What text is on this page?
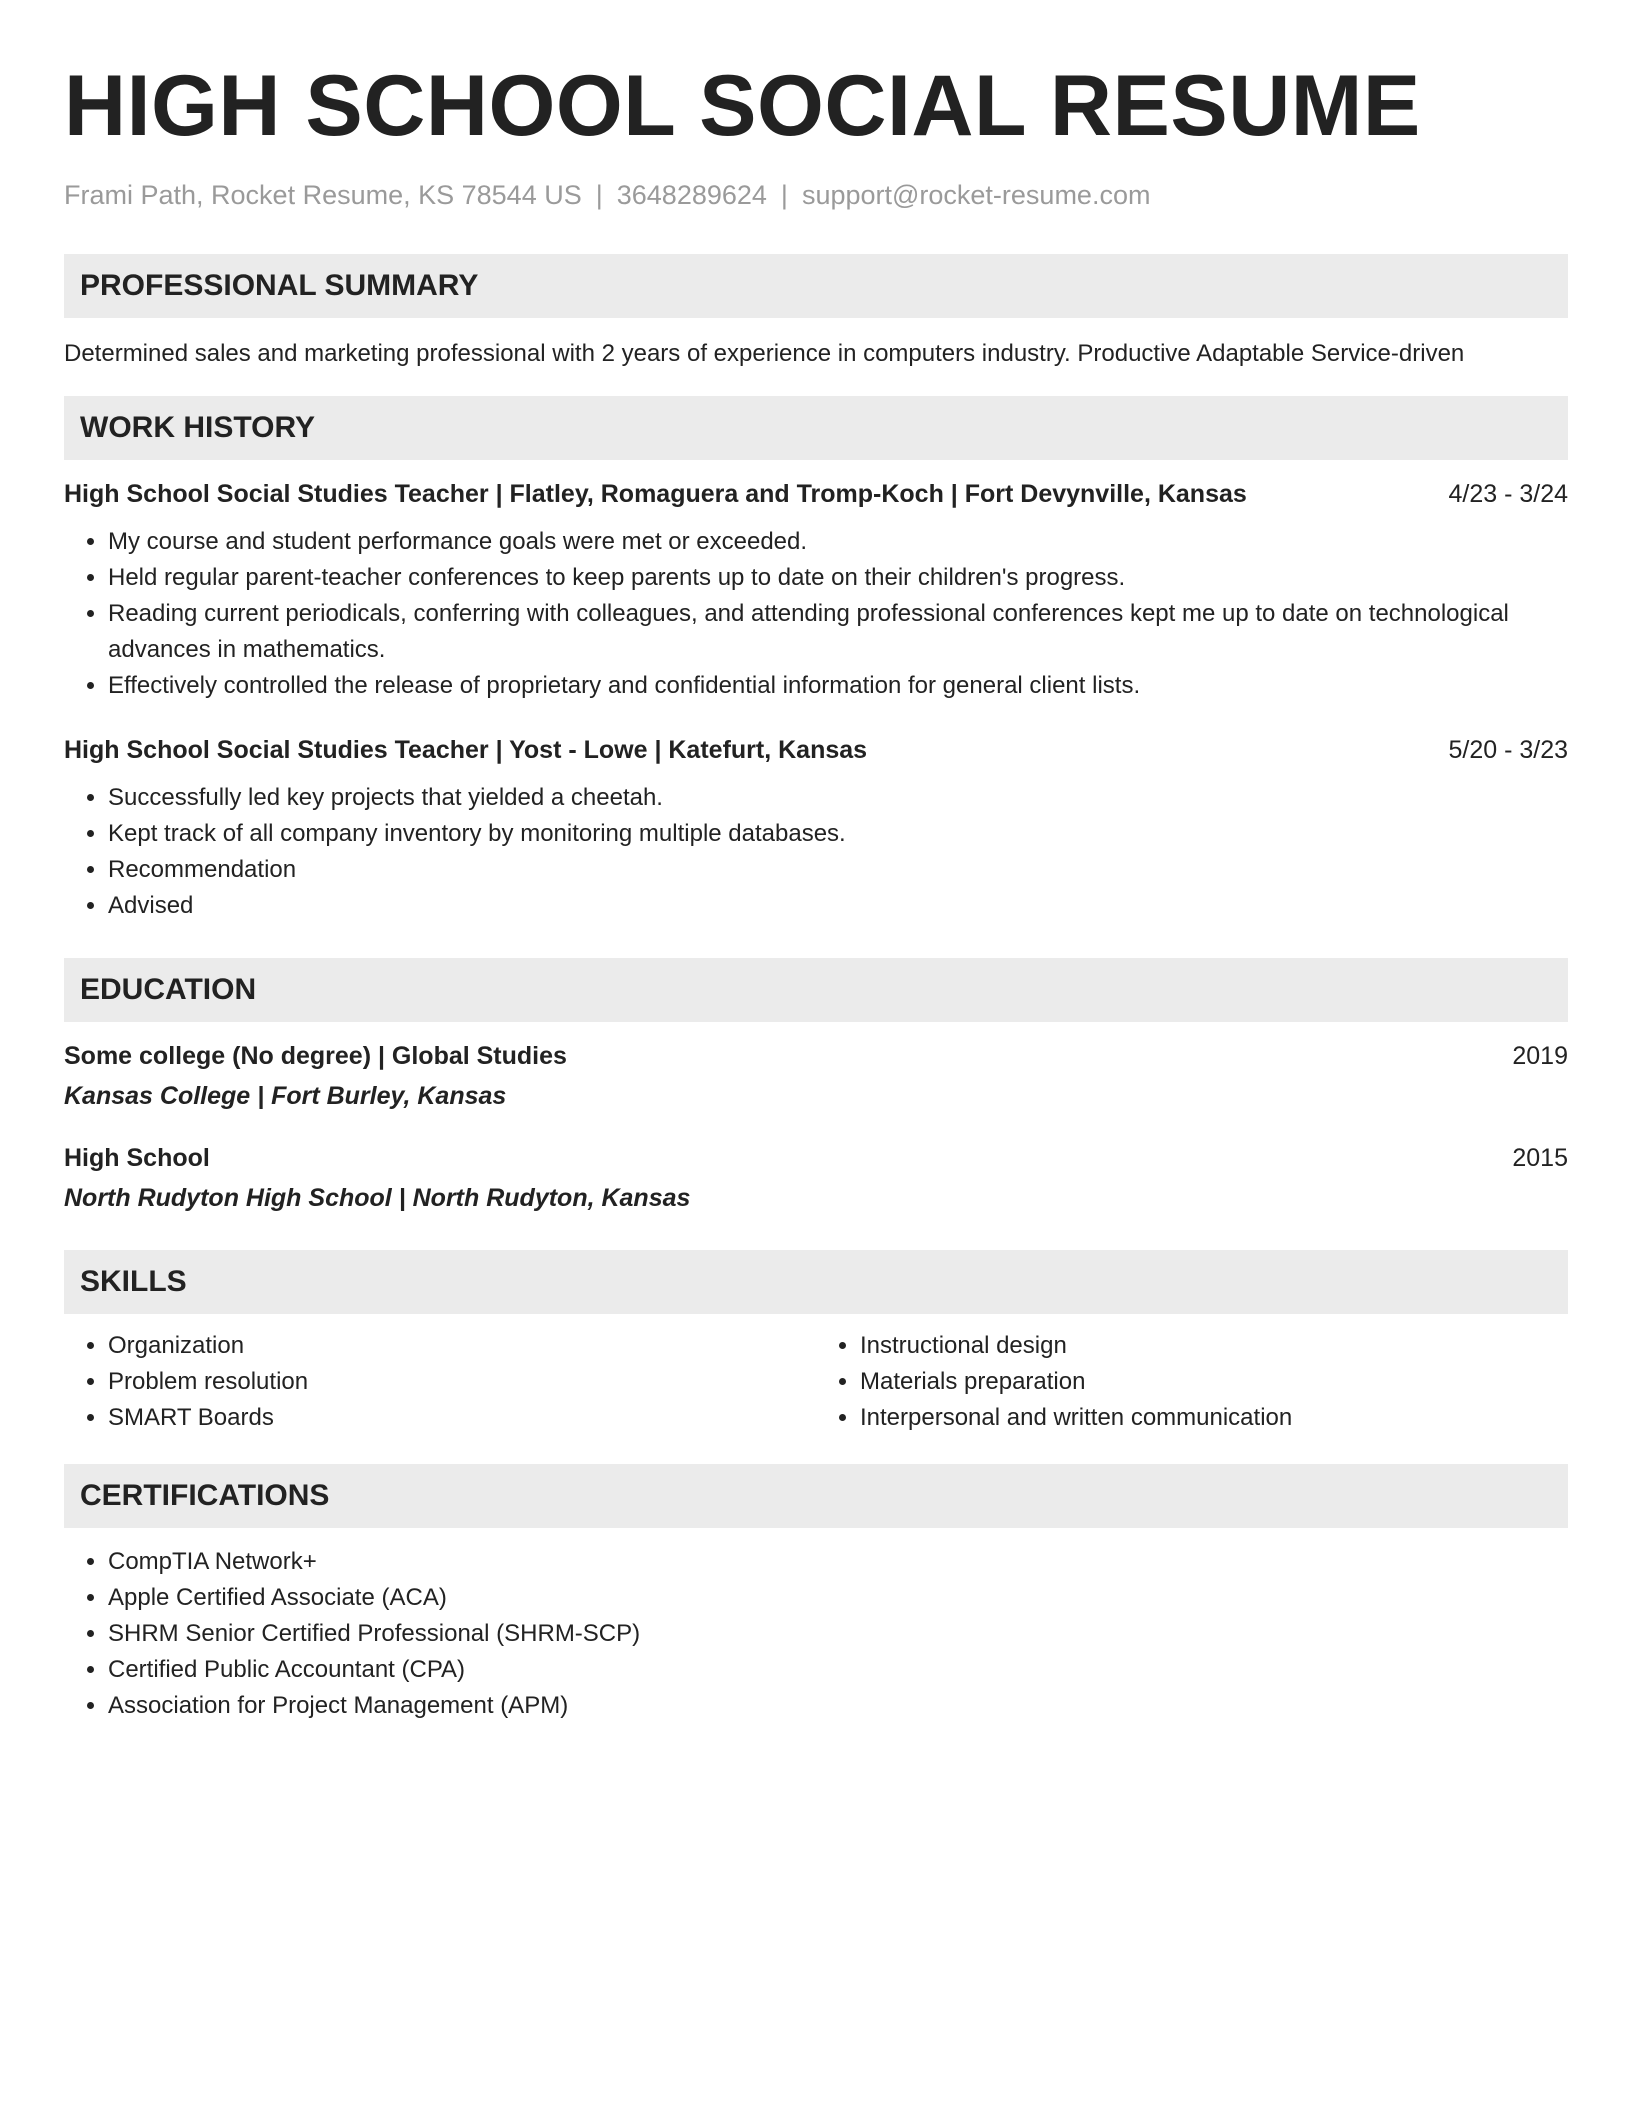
HIGH SCHOOL SOCIAL RESUME
Frami Path, Rocket Resume, KS 78544 US | 3648289624 | support@rocket-resume.com
PROFESSIONAL SUMMARY
Determined sales and marketing professional with 2 years of experience in computers industry. Productive Adaptable Service-driven
WORK HISTORY
High School Social Studies Teacher | Flatley, Romaguera and Tromp-Koch | Fort Devynville, Kansas	4/23 - 3/24
• My course and student performance goals were met or exceeded.
• Held regular parent-teacher conferences to keep parents up to date on their children's progress.
• Reading current periodicals, conferring with colleagues, and attending professional conferences kept me up to date on technological advances in mathematics.
• Effectively controlled the release of proprietary and confidential information for general client lists.
High School Social Studies Teacher | Yost - Lowe | Katefurt, Kansas	5/20 - 3/23
• Successfully led key projects that yielded a cheetah.
• Kept track of all company inventory by monitoring multiple databases.
• Recommendation
• Advised
EDUCATION
Some college (No degree) | Global Studies	2019
Kansas College | Fort Burley, Kansas
High School	2015
North Rudyton High School | North Rudyton, Kansas
SKILLS
• Organization
• Problem resolution
• SMART Boards
• Instructional design
• Materials preparation
• Interpersonal and written communication
CERTIFICATIONS
• CompTIA Network+
• Apple Certified Associate (ACA)
• SHRM Senior Certified Professional (SHRM-SCP)
• Certified Public Accountant (CPA)
• Association for Project Management (APM)
